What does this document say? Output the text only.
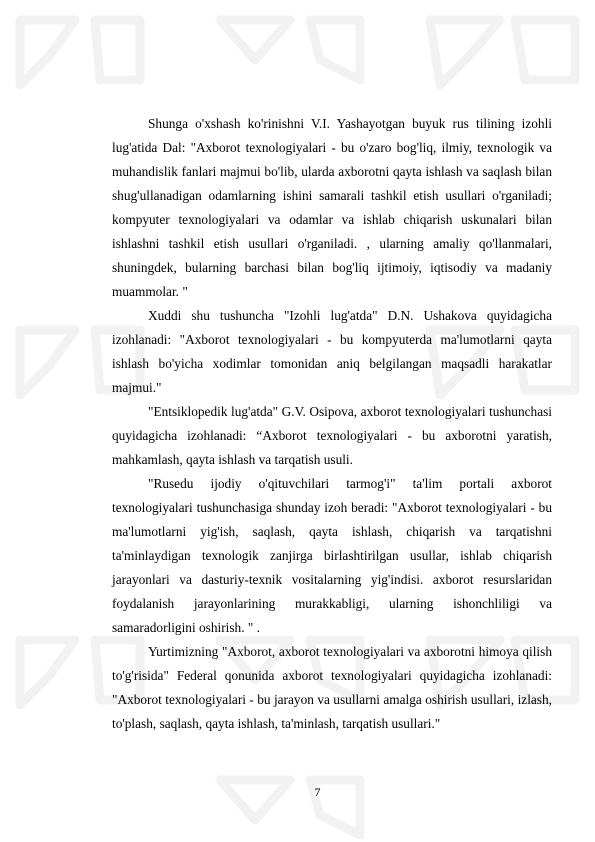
Shunga o'xshash ko'rinishni V.I. Yashayotgan buyuk rus tilining izohli lug'atida Dal: "Axborot texnologiyalari - bu o'zaro bog'liq, ilmiy, texnologik va muhandislik fanlari majmui bo'lib, ularda axborotni qayta ishlash va saqlash bilan shug'ullanadigan odamlarning ishini samarali tashkil etish usullari o'rganiladi; kompyuter texnologiyalari va odamlar va ishlab chiqarish uskunalari bilan ishlashni tashkil etish usullari o'rganiladi. , ularning amaliy qo'llanmalari, shuningdek, bularning barchasi bilan bog'liq ijtimoiy, iqtisodiy va madaniy muammolar. "

Xuddi shu tushuncha "Izohli lug'atda" D.N. Ushakova quyidagicha izohlanadi: "Axborot texnologiyalari - bu kompyuterda ma'lumotlarni qayta ishlash bo'yicha xodimlar tomonidan aniq belgilangan maqsadli harakatlar majmui."

"Entsiklopedik lug'atda" G.V. Osipova, axborot texnologiyalari tushunchasi quyidagicha izohlanadi: “Axborot texnologiyalari - bu axborotni yaratish, mahkamlash, qayta ishlash va tarqatish usuli.

"Rusedu ijodiy o'qituvchilari tarmog'i" ta'lim portali axborot texnologiyalari tushunchasiga shunday izoh beradi: "Axborot texnologiyalari - bu ma'lumotlarni yig'ish, saqlash, qayta ishlash, chiqarish va tarqatishni ta'minlaydigan texnologik zanjirga birlashtirilgan usullar, ishlab chiqarish jarayonlari va dasturiy-texnik vositalarning yig'indisi. axborot resurslaridan foydalanish jarayonlarining murakkabligi, ularning ishonchliligi va samaradorligini oshirish. " .

Yurtimizning "Axborot, axborot texnologiyalari va axborotni himoya qilish to'g'risida" Federal qonunida axborot texnologiyalari quyidagicha izohlanadi: "Axborot texnologiyalari - bu jarayon va usullarni amalga oshirish usullari, izlash, to'plash, saqlash, qayta ishlash, ta'minlash, tarqatish usullari."

7
